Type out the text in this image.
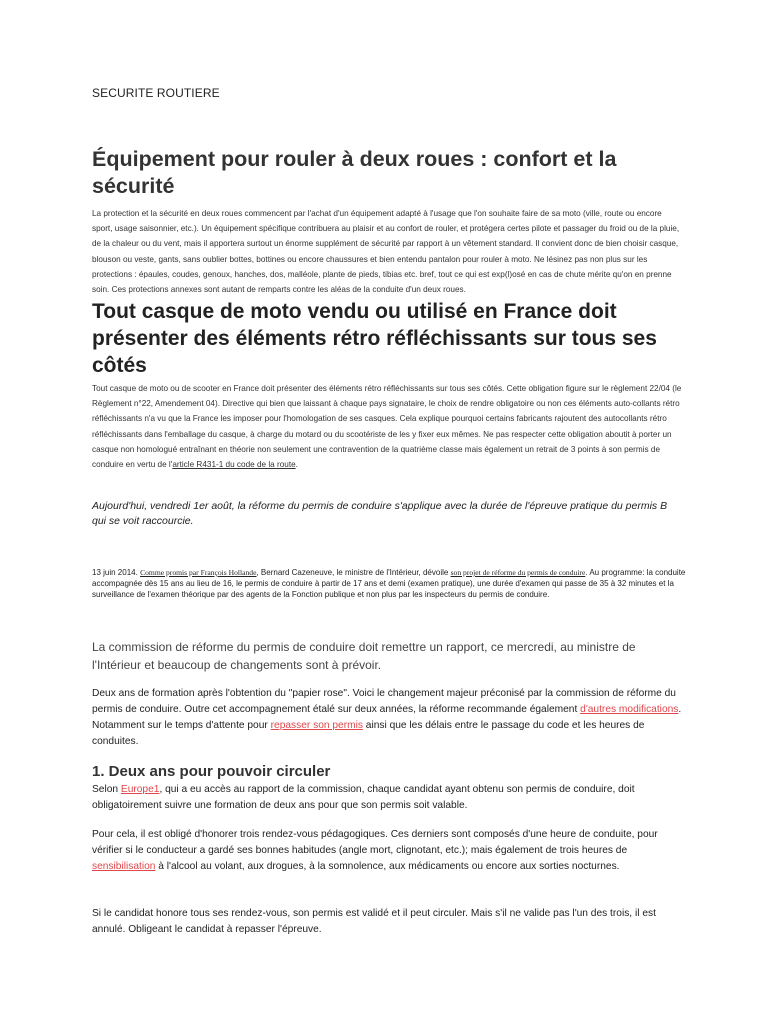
SECURITE ROUTIERE
Équipement pour rouler à deux roues : confort et la sécurité

La protection et la sécurité en deux roues commencent par l'achat d'un équipement adapté à l'usage que l'on souhaite faire de sa moto (ville, route ou encore sport, usage saisonnier, etc.). Un équipement spécifique contribuera au plaisir et au confort de rouler, et protégera certes pilote et passager du froid ou de la pluie, de la chaleur ou du vent, mais il apportera surtout un énorme supplément de sécurité par rapport à un vêtement standard. Il convient donc de bien choisir casque, blouson ou veste, gants, sans oublier bottes, bottines ou encore chaussures et bien entendu pantalon pour rouler à moto. Ne lésinez pas non plus sur les protections : épaules, coudes, genoux, hanches, dos, malléole, plante de pieds, tibias etc. bref, tout ce qui est exp(l)osé en cas de chute mérite qu'on en prenne soin. Ces protections annexes sont autant de remparts contre les aléas de la conduite d'un deux roues.

Tout casque de moto vendu ou utilisé en France doit présenter des éléments rétro réfléchissants sur tous ses côtés

Tout casque de moto ou de scooter en France doit présenter des éléments rétro réfléchissants sur tous ses côtés. Cette obligation figure sur le règlement 22/04 (le Règlement n°22, Amendement 04). Directive qui bien que laissant à chaque pays signataire, le choix de rendre obligatoire ou non ces éléments auto-collants rétro réfléchissants n'a vu que la France les imposer pour l'homologation de ses casques. Cela explique pourquoi certains fabricants rajoutent des autocollants rétro réfléchissants dans l'emballage du casque, à charge du motard ou du scootériste de les y fixer eux mêmes. Ne pas respecter cette obligation aboutit à porter un casque non homologué entraînant en théorie non seulement une contravention de la quatrième classe mais également un retrait de 3 points à son permis de conduire en vertu de l'article R431-1 du code de la route.

Aujourd'hui, vendredi 1er août, la réforme du permis de conduire s'applique avec la durée de l'épreuve pratique du permis B qui se voit raccourcie.

13 juin 2014. Comme promis par François Hollande, Bernard Cazeneuve, le ministre de l'Intérieur, dévoile son projet de réforme du permis de conduire. Au programme: la conduite accompagnée dès 15 ans au lieu de 16, le permis de conduire à partir de 17 ans et demi (examen pratique), une durée d'examen qui passe de 35 à 32 minutes et la surveillance de l'examen théorique par des agents de la Fonction publique et non plus par les inspecteurs du permis de conduire.

La commission de réforme du permis de conduire doit remettre un rapport, ce mercredi, au ministre de l'Intérieur et beaucoup de changements sont à prévoir.

Deux ans de formation après l'obtention du "papier rose". Voici le changement majeur préconisé par la commission de réforme du permis de conduire. Outre cet accompagnement étalé sur deux années, la réforme recommande également d'autres modifications. Notamment sur le temps d'attente pour repasser son permis ainsi que les délais entre le passage du code et les heures de conduites.

1. Deux ans pour pouvoir circuler

Selon Europe1, qui a eu accès au rapport de la commission, chaque candidat ayant obtenu son permis de conduire, doit obligatoirement suivre une formation de deux ans pour que son permis soit valable.

Pour cela, il est obligé d'honorer trois rendez-vous pédagogiques. Ces derniers sont composés d'une heure de conduite, pour vérifier si le conducteur a gardé ses bonnes habitudes (angle mort, clignotant, etc.); mais également de trois heures de sensibilisation à l'alcool au volant, aux drogues, à la somnolence, aux médicaments ou encore aux sorties nocturnes.

Si le candidat honore tous ses rendez-vous, son permis est validé et il peut circuler. Mais s'il ne valide pas l'un des trois, il est annulé. Obligeant le candidat à repasser l'épreuve.
